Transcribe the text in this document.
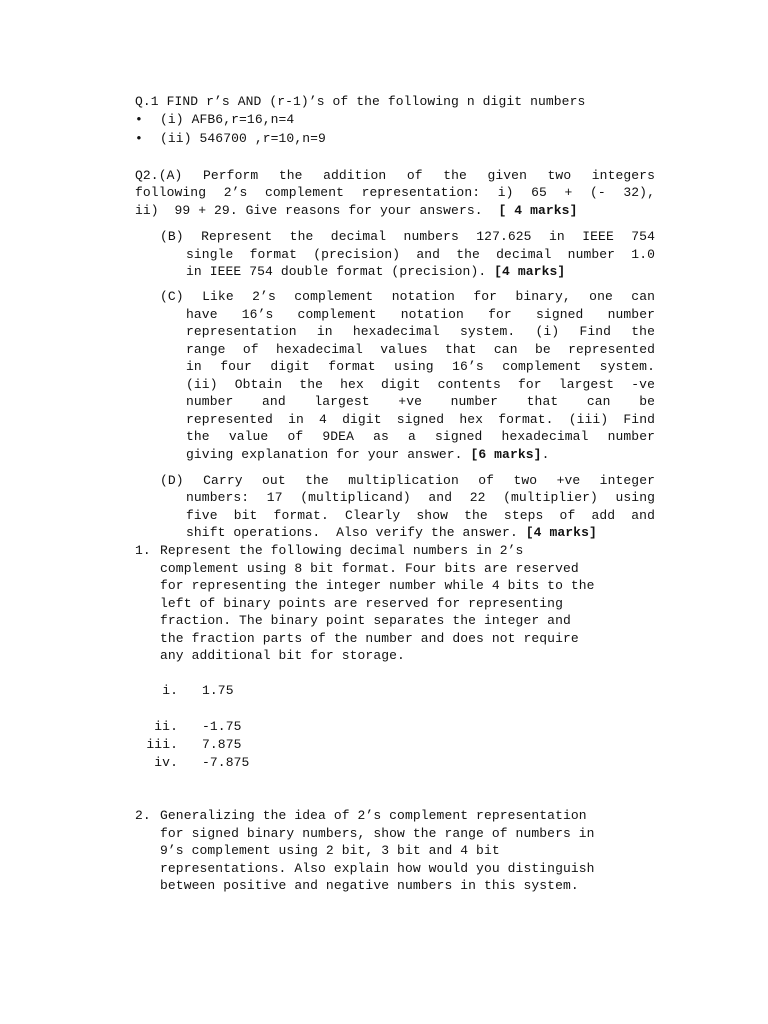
Q.1 FIND r’s AND (r-1)’s of the following n digit numbers
• (i) AFB6,r=16,n=4
• (ii) 546700 ,r=10,n=9
Q2.(A) Perform the addition of the given two integers
following 2’s complement representation: i) 65 + (- 32),
ii)  99 + 29. Give reasons for your answers.  [ 4 marks]
(B) Represent the decimal numbers 127.625 in IEEE 754
single format (precision) and the decimal number 1.0
in IEEE 754 double format (precision). [4 marks]
(C) Like 2’s complement notation for binary, one can
have 16’s complement notation for signed number
representation in hexadecimal system. (i) Find the
range of hexadecimal values that can be represented
in four digit format using 16’s complement system.
(ii) Obtain the hex digit contents for largest -ve
number and largest +ve number that can be
represented in 4 digit signed hex format. (iii) Find
the value of 9DEA as a signed hexadecimal number
giving explanation for your answer. [6 marks].
(D) Carry out the multiplication of two +ve integer
numbers: 17 (multiplicand) and 22 (multiplier) using
five bit format. Clearly show the steps of add and
shift operations.  Also verify the answer. [4 marks]
1. Represent the following decimal numbers in 2’s
complement using 8 bit format. Four bits are reserved
for representing the integer number while 4 bits to the
left of binary points are reserved for representing
fraction. The binary point separates the integer and
the fraction parts of the number and does not require
any additional bit for storage.
i. 1.75
ii. -1.75
iii. 7.875
iv. -7.875
2. Generalizing the idea of 2’s complement representation
for signed binary numbers, show the range of numbers in
9’s complement using 2 bit, 3 bit and 4 bit
representations. Also explain how would you distinguish
between positive and negative numbers in this system.
